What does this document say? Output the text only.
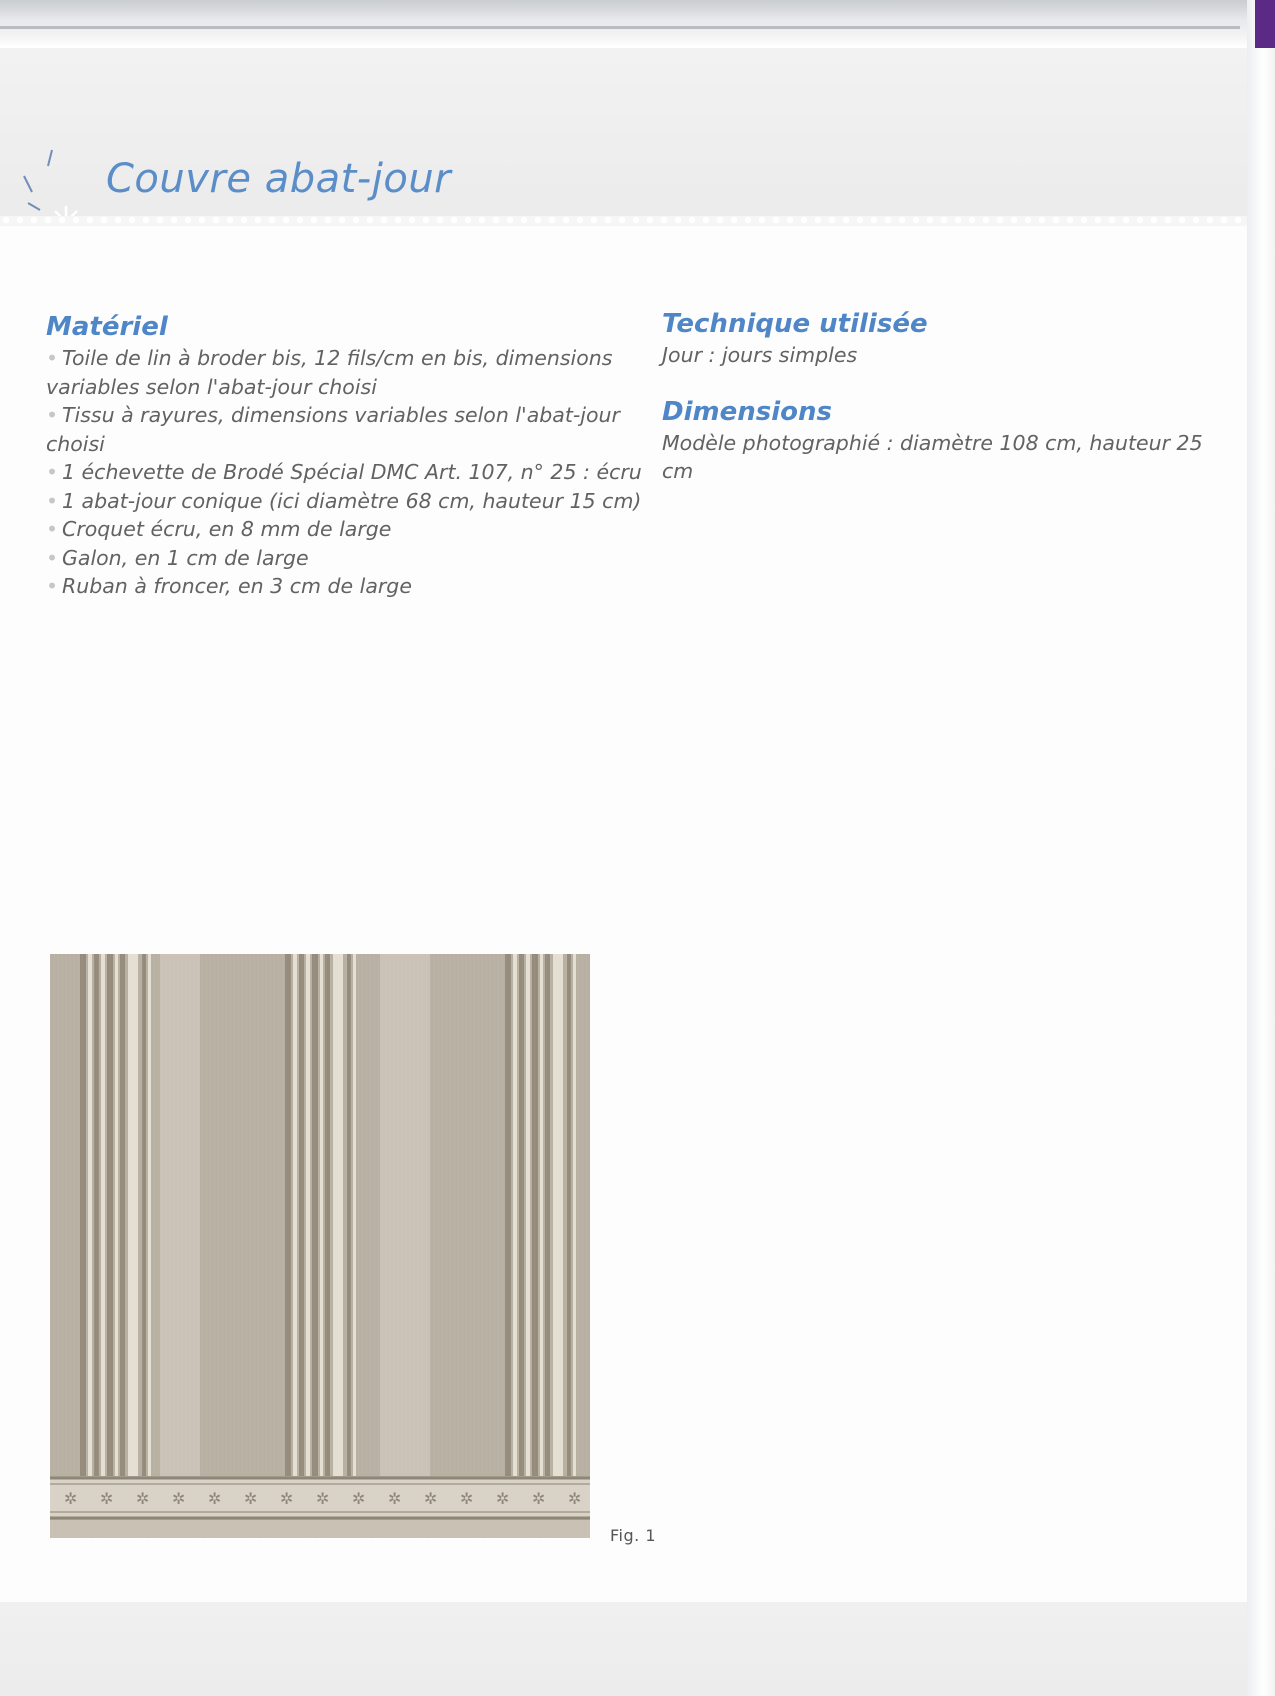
Couvre abat-jour
Matériel
• Toile de lin à broder bis, 12 fils/cm en bis, dimensions variables selon l'abat-jour choisi
• Tissu à rayures, dimensions variables selon l'abat-jour choisi
• 1 échevette de Brodé Spécial DMC Art. 107, n° 25 : écru
• 1 abat-jour conique (ici diamètre 68 cm, hauteur 15 cm)
• Croquet écru, en 8 mm de large
• Galon, en 1 cm de large
• Ruban à froncer, en 3 cm de large
Technique utilisée

Jour : jours simples

Dimensions

Modèle photographié : diamètre 108 cm, hauteur 25 cm

✲ ✲ ✲ ✲ ✲ ✲ ✲ ✲ ✲ ✲ ✲ ✲ ✲ ✲ ✲
Fig. 1
